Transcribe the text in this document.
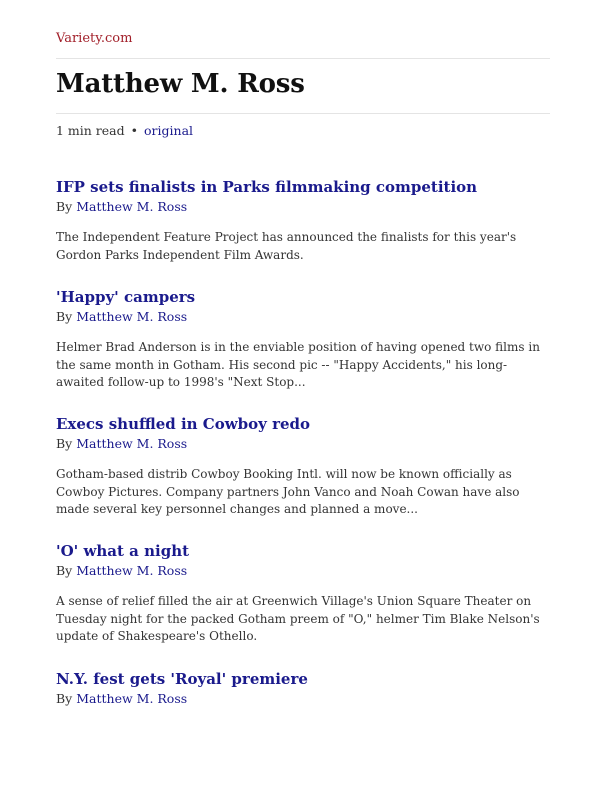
Variety.com
Matthew M. Ross
1 min read • original
IFP sets finalists in Parks filmmaking competition
By Matthew M. Ross
The Independent Feature Project has announced the finalists for this year's Gordon Parks Independent Film Awards.
'Happy' campers
By Matthew M. Ross
Helmer Brad Anderson is in the enviable position of having opened two films in the same month in Gotham. His second pic -- "Happy Accidents," his long-awaited follow-up to 1998's "Next Stop...
Execs shuffled in Cowboy redo
By Matthew M. Ross
Gotham-based distrib Cowboy Booking Intl. will now be known officially as Cowboy Pictures. Company partners John Vanco and Noah Cowan have also made several key personnel changes and planned a move...
'O' what a night
By Matthew M. Ross
A sense of relief filled the air at Greenwich Village's Union Square Theater on Tuesday night for the packed Gotham preem of "O," helmer Tim Blake Nelson's update of Shakespeare's Othello.
N.Y. fest gets 'Royal' premiere
By Matthew M. Ross
